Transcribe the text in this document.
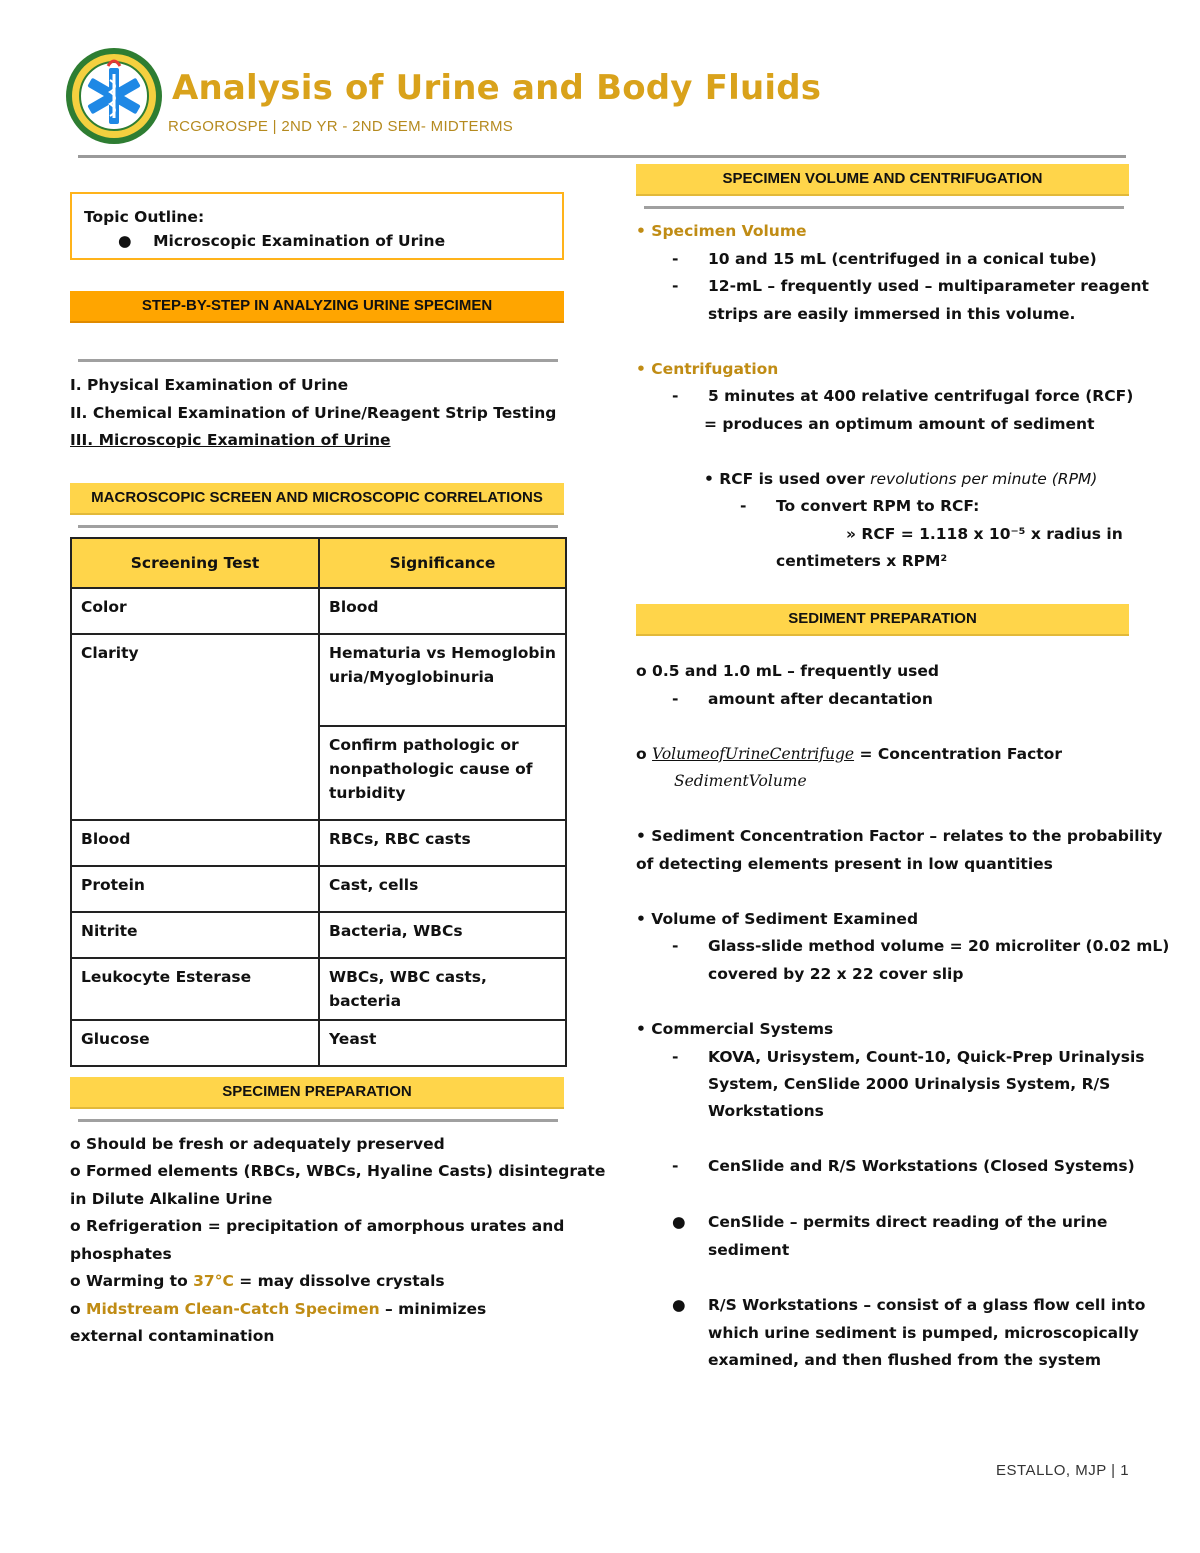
Analysis of Urine and Body Fluids
RCGOROSPE | 2ND YR - 2ND SEM- MIDTERMS
Topic Outline:
● Microscopic Examination of Urine
STEP-BY-STEP IN ANALYZING URINE SPECIMEN
I. Physical Examination of Urine
II. Chemical Examination of Urine/Reagent Strip Testing
III. Microscopic Examination of Urine
MACROSCOPIC SCREEN AND MICROSCOPIC CORRELATIONS
Screening Test	Significance
Color	Blood
Clarity	Hematuria vs Hemoglobinuria/Myoglobinuria
	Confirm pathologic or nonpathologic cause of turbidity
Blood	RBCs, RBC casts
Protein	Cast, cells
Nitrite	Bacteria, WBCs
Leukocyte Esterase	WBCs, WBC casts, bacteria
Glucose	Yeast
SPECIMEN PREPARATION
o Should be fresh or adequately preserved
o Formed elements (RBCs, WBCs, Hyaline Casts) disintegrate
in Dilute Alkaline Urine
o Refrigeration = precipitation of amorphous urates and
phosphates
o Warming to 37°C = may dissolve crystals
o Midstream Clean-Catch Specimen – minimizes
external contamination
SPECIMEN VOLUME AND CENTRIFUGATION
• Specimen Volume
- 10 and 15 mL (centrifuged in a conical tube)
- 12-mL – frequently used – multiparameter reagent
strips are easily immersed in this volume.
• Centrifugation
- 5 minutes at 400 relative centrifugal force (RCF)
= produces an optimum amount of sediment
• RCF is used over revolutions per minute (RPM)
- To convert RPM to RCF:
» RCF = 1.118 x 10⁻⁵ x radius in
centimeters x RPM²
SEDIMENT PREPARATION
o 0.5 and 1.0 mL – frequently used
- amount after decantation
o VolumeofUrineCentrifuge = Concentration Factor
SedimentVolume
• Sediment Concentration Factor – relates to the probability
of detecting elements present in low quantities
• Volume of Sediment Examined
- Glass-slide method volume = 20 microliter (0.02 mL)
covered by 22 x 22 cover slip
• Commercial Systems
- KOVA, Urisystem, Count-10, Quick-Prep Urinalysis
System, CenSlide 2000 Urinalysis System, R/S
Workstations
- CenSlide and R/S Workstations (Closed Systems)
● CenSlide – permits direct reading of the urine
sediment
● R/S Workstations – consist of a glass flow cell into
which urine sediment is pumped, microscopically
examined, and then flushed from the system
ESTALLO, MJP | 1
